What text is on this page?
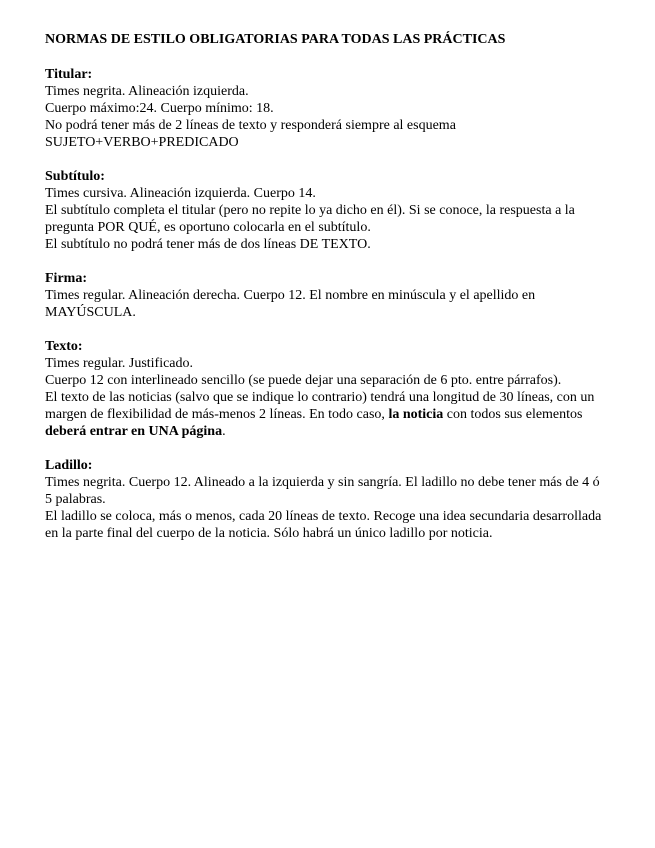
NORMAS DE ESTILO OBLIGATORIAS PARA TODAS LAS PRÁCTICAS
Titular:
Times negrita. Alineación izquierda.
Cuerpo máximo:24. Cuerpo mínimo: 18.
No podrá tener más de 2 líneas de texto y responderá siempre al esquema
SUJETO+VERBO+PREDICADO
Subtítulo:
Times cursiva. Alineación izquierda. Cuerpo 14.
El subtítulo completa el titular (pero no repite lo ya dicho en él). Si se conoce, la respuesta a la pregunta POR QUÉ, es oportuno colocarla en el subtítulo.
El subtítulo no podrá tener más de dos líneas DE TEXTO.
Firma:
Times regular. Alineación derecha. Cuerpo 12. El nombre en minúscula y el apellido en MAYÚSCULA.
Texto:
Times regular. Justificado.
Cuerpo 12 con interlineado sencillo (se puede dejar una separación de 6 pto. entre párrafos).
El texto de las noticias (salvo que se indique lo contrario) tendrá una longitud de 30 líneas, con un margen de flexibilidad de más-menos 2 líneas. En todo caso, la noticia con todos sus elementos deberá entrar en UNA página.
Ladillo:
Times negrita. Cuerpo 12. Alineado a la izquierda y sin sangría. El ladillo no debe tener más de 4 ó 5 palabras.
El ladillo se coloca, más o menos, cada 20 líneas de texto. Recoge una idea secundaria desarrollada en la parte final del cuerpo de la noticia. Sólo habrá un único ladillo por noticia.
